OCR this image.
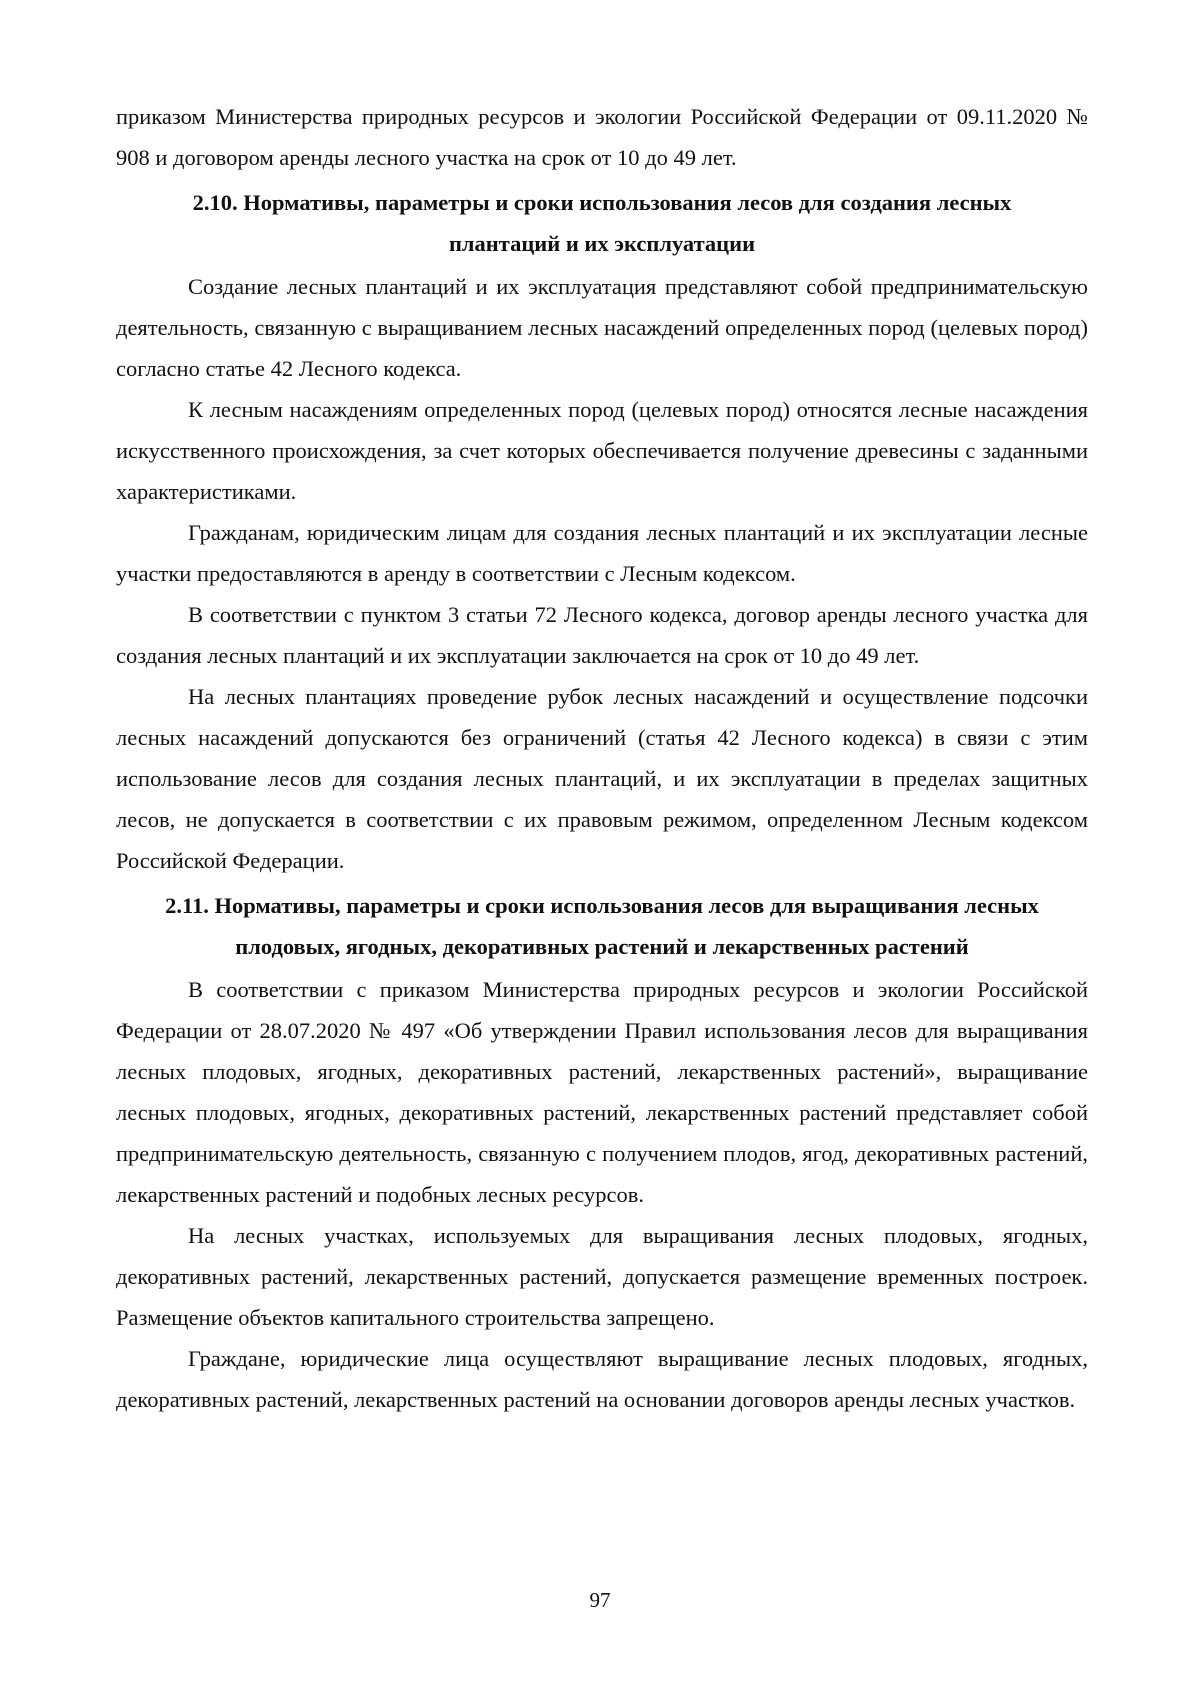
приказом Министерства природных ресурсов и экологии Российской Федерации от 09.11.2020 № 908 и договором аренды лесного участка на срок от 10 до 49 лет.

2.10. Нормативы, параметры и сроки использования лесов для создания лесных плантаций и их эксплуатации

Создание лесных плантаций и их эксплуатация представляют собой предпринимательскую деятельность, связанную с выращиванием лесных насаждений определенных пород (целевых пород) согласно статье 42 Лесного кодекса.

К лесным насаждениям определенных пород (целевых пород) относятся лесные насаждения искусственного происхождения, за счет которых обеспечивается получение древесины с заданными характеристиками.

Гражданам, юридическим лицам для создания лесных плантаций и их эксплуатации лесные участки предоставляются в аренду в соответствии с Лесным кодексом.

В соответствии с пунктом 3 статьи 72 Лесного кодекса, договор аренды лесного участка для создания лесных плантаций и их эксплуатации заключается на срок от 10 до 49 лет.

На лесных плантациях проведение рубок лесных насаждений и осуществление подсочки лесных насаждений допускаются без ограничений (статья 42 Лесного кодекса) в связи с этим использование лесов для создания лесных плантаций, и их эксплуатации в пределах защитных лесов, не допускается в соответствии с их правовым режимом, определенном Лесным кодексом Российской Федерации.

2.11. Нормативы, параметры и сроки использования лесов для выращивания лесных плодовых, ягодных, декоративных растений и лекарственных растений

В соответствии с приказом Министерства природных ресурсов и экологии Российской Федерации от 28.07.2020 № 497 «Об утверждении Правил использования лесов для выращивания лесных плодовых, ягодных, декоративных растений, лекарственных растений», выращивание лесных плодовых, ягодных, декоративных растений, лекарственных растений представляет собой предпринимательскую деятельность, связанную с получением плодов, ягод, декоративных растений, лекарственных растений и подобных лесных ресурсов.

На лесных участках, используемых для выращивания лесных плодовых, ягодных, декоративных растений, лекарственных растений, допускается размещение временных построек. Размещение объектов капитального строительства запрещено.

Граждане, юридические лица осуществляют выращивание лесных плодовых, ягодных, декоративных растений, лекарственных растений на основании договоров аренды лесных участков.

97
